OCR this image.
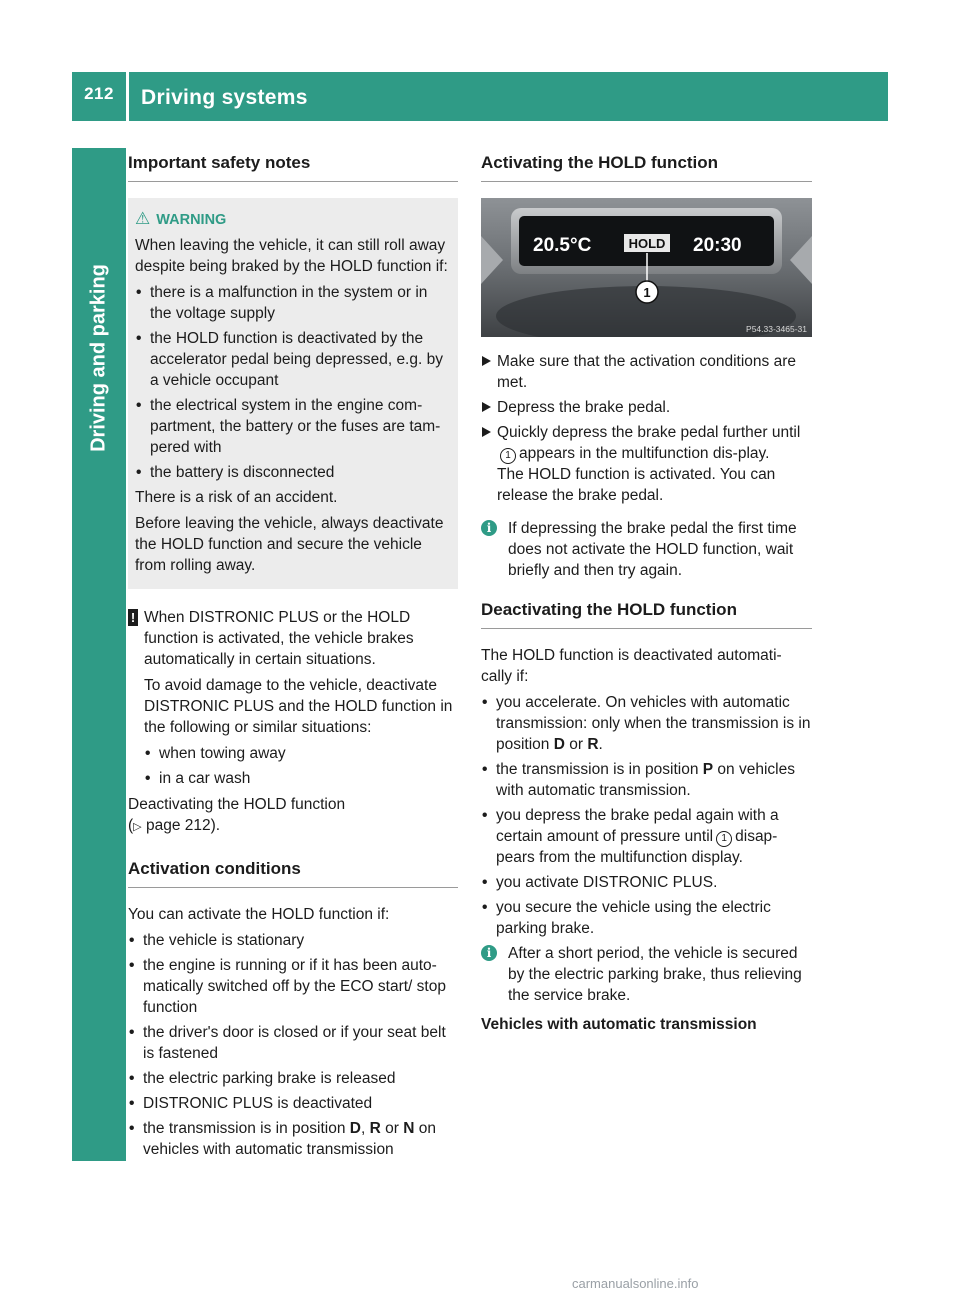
212	Driving systems
Driving and parking
Important safety notes
⚠ WARNING

When leaving the vehicle, it can still roll away despite being braked by the HOLD function if:

• there is a malfunction in the system or in the voltage supply
• the HOLD function is deactivated by the accelerator pedal being depressed, e.g. by a vehicle occupant
• the electrical system in the engine com-partment, the battery or the fuses are tam-pered with
• the battery is disconnected

There is a risk of an accident.

Before leaving the vehicle, always deactivate the HOLD function and secure the vehicle from rolling away.

! When DISTRONIC PLUS or the HOLD function is activated, the vehicle brakes automatically in certain situations.

To avoid damage to the vehicle, deactivate DISTRONIC PLUS and the HOLD function in the following or similar situations:

• when towing away
• in a car wash

Deactivating the HOLD function
(▷ page 212).

Activation conditions

You can activate the HOLD function if:

• the vehicle is stationary
• the engine is running or if it has been auto-matically switched off by the ECO start/ stop function
• the driver's door is closed or if your seat belt is fastened
• the electric parking brake is released
• DISTRONIC PLUS is deactivated
• the transmission is in position D, R or N on vehicles with automatic transmission
Activating the HOLD function
20.5°C	HOLD 20:30
1
P54.33-3465-31
Make sure that the activation conditions are met.
Depress the brake pedal.
Quickly depress the brake pedal further until1 appears in the multifunction dis-play.
The HOLD function is activated. You can release the brake pedal.
i	If depressing the brake pedal the first time does not activate the HOLD function, wait briefly and then try again.
Deactivating the HOLD function

The HOLD function is deactivated automati-cally if:

• you accelerate. On vehicles with automatic transmission: only when the transmission is in position D or R.
• the transmission is in position P on vehicles with automatic transmission.
• you depress the brake pedal again with a certain amount of pressure until 1 disap-pears from the multifunction display.
• you activate DISTRONIC PLUS.
• you secure the vehicle using the electric parking brake.
i	After a short period, the vehicle is secured by the electric parking brake, thus relieving the service brake.
Vehicles with automatic transmission
carmanualsonline.info
